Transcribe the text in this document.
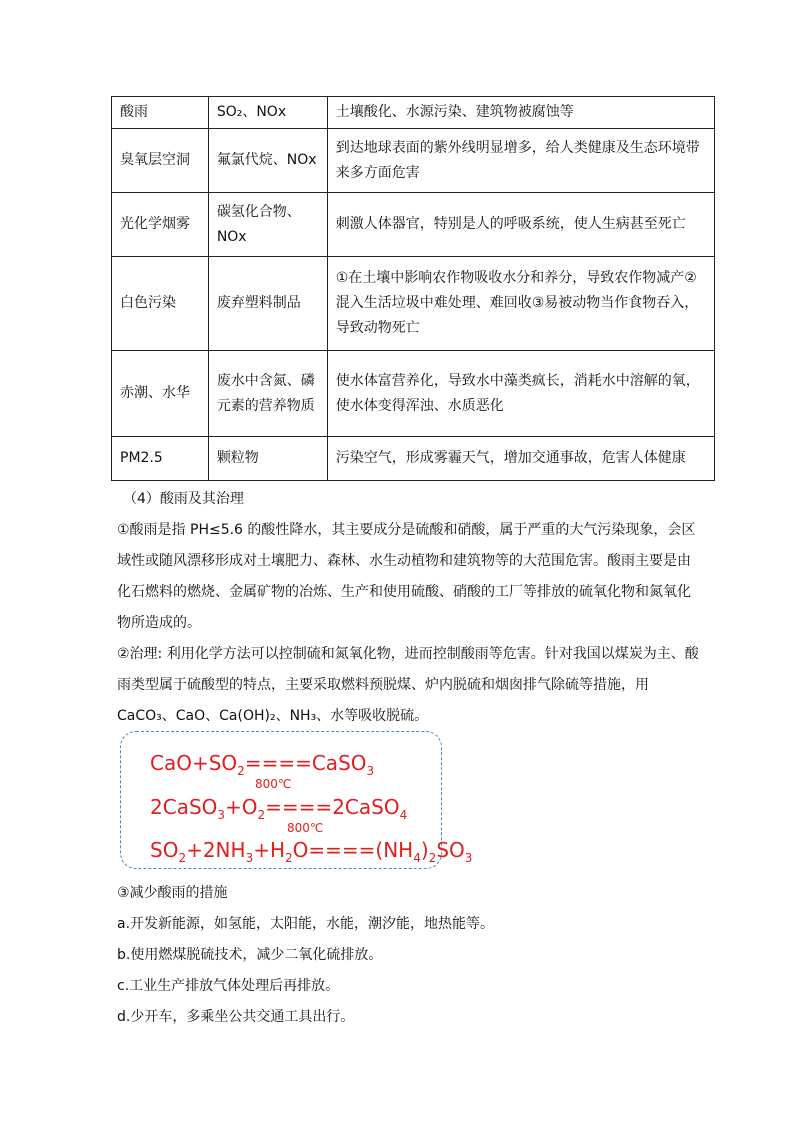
酸雨	SO₂、NOx	土壤酸化、水源污染、建筑物被腐蚀等
臭氧层空洞	氟氯代烷、NOx	到达地球表面的紫外线明显增多，给人类健康及生态环境带来多方面危害
光化学烟雾	碳氢化合物、NOx	刺激人体器官，特别是人的呼吸系统，使人生病甚至死亡
白色污染	废弃塑料制品	①在土壤中影响农作物吸收水分和养分，导致农作物减产②混入生活垃圾中难处理、难回收③易被动物当作食物吞入，导致动物死亡
赤潮、水华	废水中含氮、磷元素的营养物质	使水体富营养化，导致水中藻类疯长，消耗水中溶解的氧，使水体变得浑浊、水质恶化
PM2.5	颗粒物	污染空气，形成雾霾天气，增加交通事故，危害人体健康

（4）酸雨及其治理

①酸雨是指 PH≤5.6 的酸性降水，其主要成分是硫酸和硝酸，属于严重的大气污染现象，会区域性或随风漂移形成对土壤肥力、森林、水生动植物和建筑物等的大范围危害。酸雨主要是由化石燃料的燃烧、金属矿物的冶炼、生产和使用硫酸、硝酸的工厂等排放的硫氧化物和氮氧化物所造成的。

②治理: 利用化学方法可以控制硫和氮氧化物，进而控制酸雨等危害。针对我国以煤炭为主、酸雨类型属于硫酸型的特点，主要采取燃料预脱煤、炉内脱硫和烟囱排气除硫等措施，用 CaCO₃、CaO、Ca(OH)₂、NH₃、水等吸收脱硫。

$CaO+SO_2====CaSO_3$
800℃
$2CaSO_3+O_2====2CaSO_4$
800℃
$SO_2+2NH_3+H_2O====(NH_4)_2SO_3$

③减少酸雨的措施

a.开发新能源，如氢能，太阳能，水能，潮汐能，地热能等。

b.使用燃煤脱硫技术，减少二氧化硫排放。

c.工业生产排放气体处理后再排放。

d.少开车，多乘坐公共交通工具出行。
